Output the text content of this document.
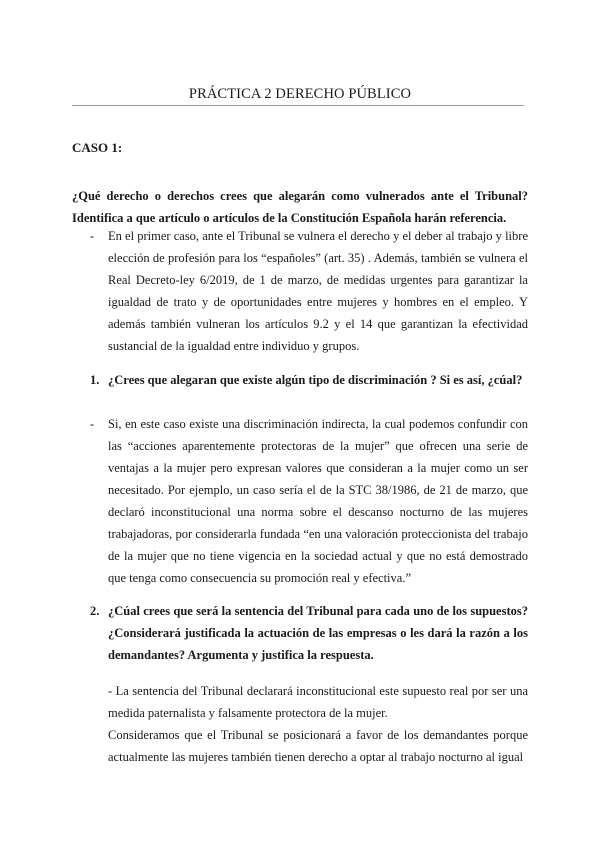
PRÁCTICA 2 DERECHO PÚBLICO
CASO 1:
¿Qué derecho o derechos crees que alegarán como vulnerados ante el Tribunal? Identifica a que artículo o artículos de la Constitución Española harán referencia.
- En el primer caso, ante el Tribunal se vulnera el derecho y el deber al trabajo y libre elección de profesión para los “españoles” (art. 35) . Además, también se vulnera el Real Decreto-ley 6/2019, de 1 de marzo, de medidas urgentes para garantizar la igualdad de trato y de oportunidades entre mujeres y hombres en el empleo. Y además también vulneran los artículos 9.2 y el 14 que garantizan la efectividad sustancial de la igualdad entre individuo y grupos.
1. ¿Crees que alegaran que existe algún tipo de discriminación ? Si es así, ¿cúal?
- Si, en este caso existe una discriminación indirecta, la cual podemos confundir con las “acciones aparentemente protectoras de la mujer” que ofrecen una serie de ventajas a la mujer pero expresan valores que consideran a la mujer como un ser necesitado. Por ejemplo, un caso sería el de la STC 38/1986, de 21 de marzo, que declaró inconstitucional una norma sobre el descanso nocturno de las mujeres trabajadoras, por considerarla fundada “en una valoración proteccionista del trabajo de la mujer que no tiene vigencia en la sociedad actual y que no está demostrado que tenga como consecuencia su promoción real y efectiva.”
2. ¿Cúal crees que será la sentencia del Tribunal para cada uno de los supuestos? ¿Considerará justificada la actuación de las empresas o les dará la razón a los demandantes? Argumenta y justifica la respuesta.
- La sentencia del Tribunal declarará inconstitucional este supuesto real por ser una medida paternalista y falsamente protectora de la mujer.
Consideramos que el Tribunal se posicionará a favor de los demandantes porque actualmente las mujeres también tienen derecho a optar al trabajo nocturno al igual
